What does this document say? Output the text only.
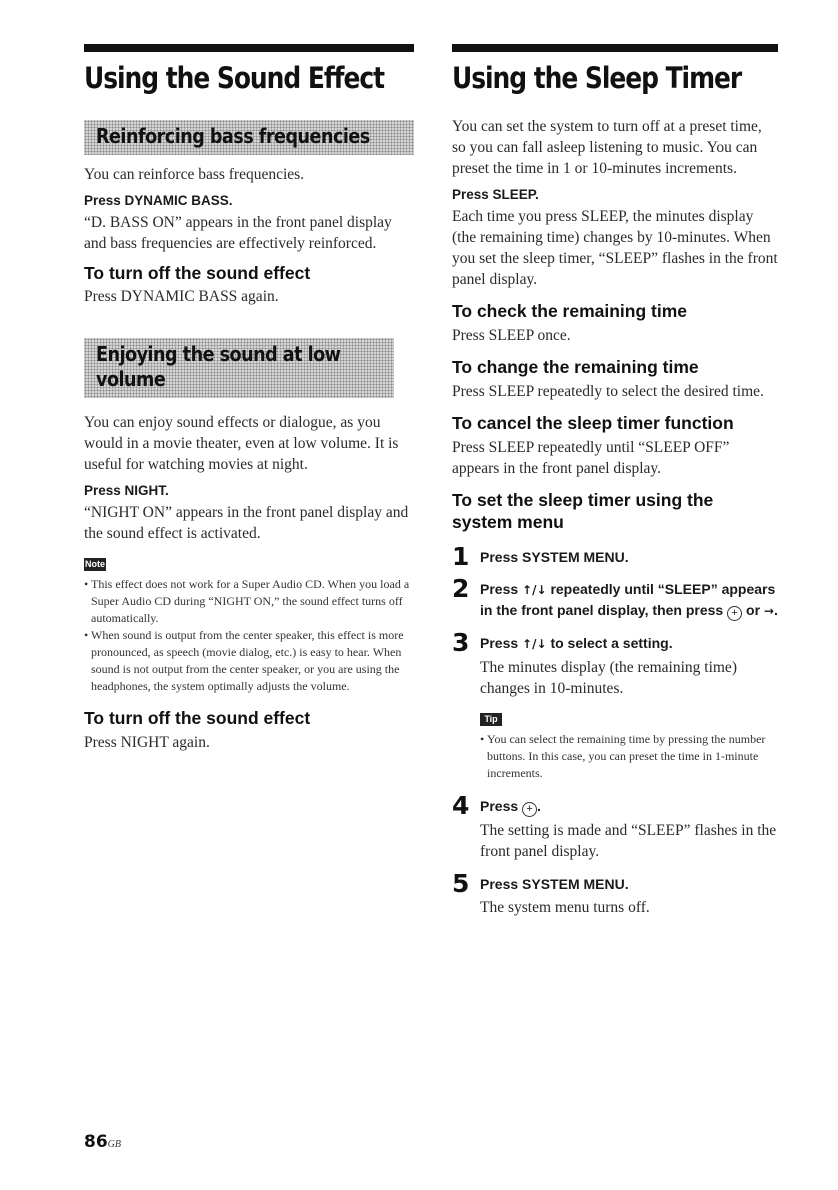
Using the Sound Effect
Reinforcing bass frequencies

You can reinforce bass frequencies.

Press DYNAMIC BASS.

“D. BASS ON” appears in the front panel display and bass frequencies are effectively reinforced.

To turn off the sound effect

Press DYNAMIC BASS again.

Enjoying the sound at low
volume

You can enjoy sound effects or dialogue, as you would in a movie theater, even at low volume. It is useful for watching movies at night.

Press NIGHT.

“NIGHT ON” appears in the front panel display and the sound effect is activated.

Note
• This effect does not work for a Super Audio CD. When you load a Super Audio CD during “NIGHT ON,” the sound effect turns off automatically.
• When sound is output from the center speaker, this effect is more pronounced, as speech (movie dialog, etc.) is easy to hear. When sound is not output from the center speaker, or you are using the headphones, the system optimally adjusts the volume.
To turn off the sound effect

Press NIGHT again.

Using the Sleep Timer

You can set the system to turn off at a preset time, so you can fall asleep listening to music. You can preset the time in 1 or 10-minutes increments.

Press SLEEP.

Each time you press SLEEP, the minutes display (the remaining time) changes by 10-minutes. When you set the sleep timer, “SLEEP” flashes in the front panel display.

To check the remaining time

Press SLEEP once.

To change the remaining time

Press SLEEP repeatedly to select the desired time.

To cancel the sleep timer function

Press SLEEP repeatedly until “SLEEP OFF” appears in the front panel display.

To set the sleep timer using the system menu
1 Press SYSTEM MENU.

2 Press ↑/↓ repeatedly until “SLEEP” appears in the front panel display, then press + or →.

3 Press ↑/↓ to select a setting.

The minutes display (the remaining time) changes in 10-minutes.

Tip
• You can select the remaining time by pressing the number buttons. In this case, you can preset the time in 1-minute increments.
4 Press + .

The setting is made and “SLEEP” flashes in the front panel display.

5 Press SYSTEM MENU.

The system menu turns off.

86GB
